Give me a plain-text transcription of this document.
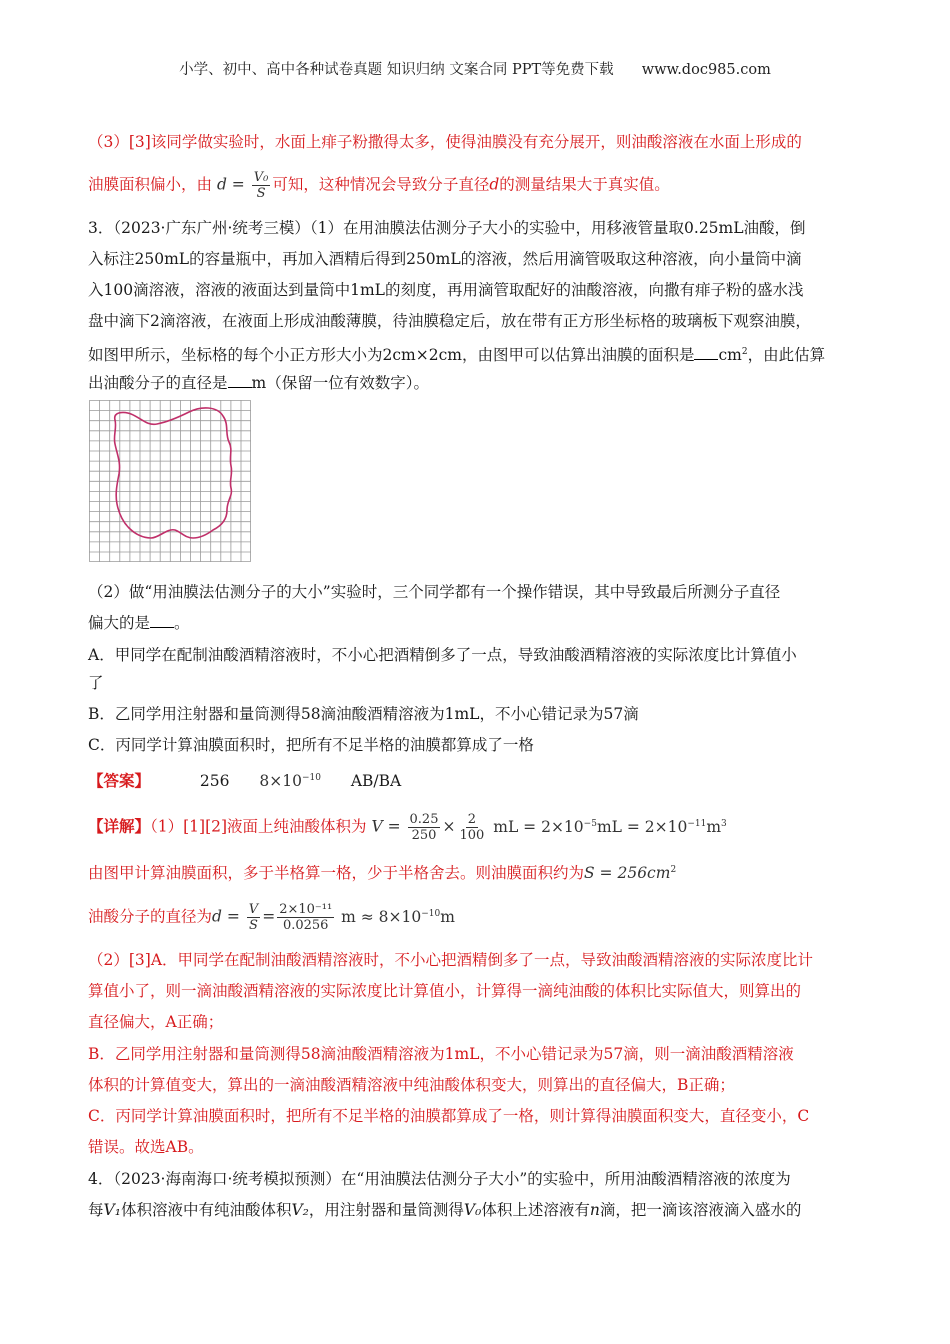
小学、初中、高中各种试卷真题 知识归纳 文案合同 PPT等免费下载 www.doc985.com
（3）[3]该同学做实验时，水面上痱子粉撒得太多，使得油膜没有充分展开，则油酸溶液在水面上形成的
油膜面积偏小，由 $d = \frac{\text{V₀}}{S}$ 可知，这种情况会导致分子直径d的测量结果大于真实值。
3．（2023·广东广州·统考三模）（1）在用油膜法估测分子大小的实验中，用移液管量取0.25mL油酸，倒
入标注250mL的容量瓶中，再加入酒精后得到250mL的溶液，然后用滴管吸取这种溶液，向小量筒中滴
入100滴溶液，溶液的液面达到量筒中1mL的刻度，再用滴管取配好的油酸溶液，向撒有痱子粉的盛水浅
盘中滴下2滴溶液，在液面上形成油酸薄膜，待油膜稳定后，放在带有正方形坐标格的玻璃板下观察油膜，
如图甲所示，坐标格的每个小正方形大小为2cm×2cm，由图甲可以估算出油膜的面积是 $cm^2$，由此估算
出油酸分子的直径是 m（保留一位有效数字）。
（2）做“用油膜法估测分子的大小”实验时，三个同学都有一个操作错误，其中导致最后所测分子直径
偏大的是 。
A．甲同学在配制油酸酒精溶液时，不小心把酒精倒多了一点，导致油酸酒精溶液的实际浓度比计算值小
了
B．乙同学用注射器和量筒测得58滴油酸酒精溶液为1mL，不小心错记录为57滴
C．丙同学计算油膜面积时，把所有不足半格的油膜都算成了一格
【答案】	256 $8\times 10^{-10}$ AB/BA
【详解】（1）[1][2]液面上纯油酸体积为 $V = \frac{0.25}{250} \times \frac{2}{100}$ mL = $2\times 10^{-5}mL = 2\times 10^{-11}m^3$
由图甲计算油膜面积，多于半格算一格，少于半格舍去。则油膜面积约为$S = 256cm^2$
油酸分子的直径为$d = \frac{V}{S} = \frac{\text{2×10⁻¹¹}}{0.0256}$ $m \approx 8\times 10^{-10}m$
（2）[3]A．甲同学在配制油酸酒精溶液时，不小心把酒精倒多了一点，导致油酸酒精溶液的实际浓度比计
算值小了，则一滴油酸酒精溶液的实际浓度比计算值小，计算得一滴纯油酸的体积比实际值大，则算出的
直径偏大，A正确；
B．乙同学用注射器和量筒测得58滴油酸酒精溶液为1mL，不小心错记录为57滴，则一滴油酸酒精溶液
体积的计算值变大，算出的一滴油酸酒精溶液中纯油酸体积变大，则算出的直径偏大，B正确；
C．丙同学计算油膜面积时，把所有不足半格的油膜都算成了一格，则计算得油膜面积变大，直径变小，C
错误。故选AB。
4．（2023·海南海口·统考模拟预测）在“用油膜法估测分子大小”的实验中，所用油酸酒精溶液的浓度为
每V₁体积溶液中有纯油酸体积V₂，用注射器和量筒测得V₀体积上述溶液有n滴，把一滴该溶液滴入盛水的
